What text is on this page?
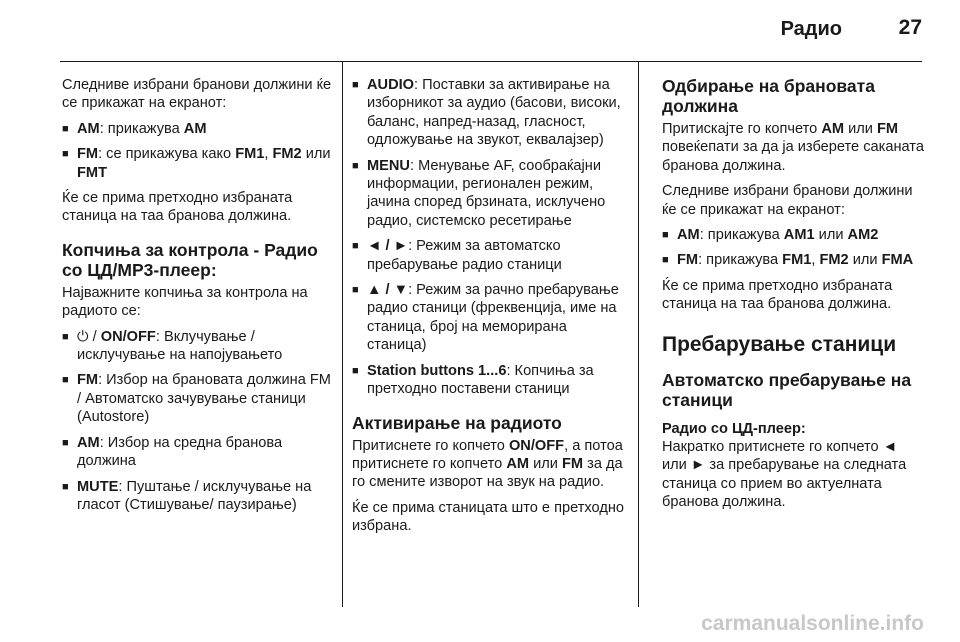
Радио	27

Следниве избрани бранови должини ќе се прикажат на екранот:

■ AM: прикажува AM
■ FM: се прикажува како FM1, FM2 или FMT

Ќе се прима претходно избраната станица на таа бранова должина.

Копчиња за контрола - Радио со ЦД/MP3-плеер:

Најважните копчиња за контрола на радиото се:

■ ⏻ / ON/OFF: Вклучување / исклучување на напојувањето
■ FM: Избор на брановата должина FM / Автоматско зачувување станици (Autostore)
■ AM: Избор на средна бранова должина
■ MUTE: Пуштање / исклучување на гласот (Стишување/ паузирање)
■ AUDIO: Поставки за активирање на изборникот за аудио (басови, високи, баланс, напред-назад, гласност, одложување на звукот, еквалајзер)
■ MENU: Менување AF, сообраќајни информации, регионален режим, јачина според брзината, исклучено радио, системско ресетирање
■ ◄ / ►: Режим за автоматско пребарување радио станици
■ ▲ / ▼: Режим за рачно пребарување радио станици (фреквенција, име на станица, број на меморирана станица)
■ Station buttons 1...6: Копчиња за претходно поставени станици
Активирање на радиото

Притиснете го копчето ON/OFF, а потоа притиснете го копчето AM или FM за да го смените изворот на звук на радио.

Ќе се прима станицата што е претходно избрана.

Одбирање на брановата должина

Притискајте го копчето AM или FM повеќепати за да ја изберете саканата бранова должина.

Следниве избрани бранови должини ќе се прикажат на екранот:

■ AM: прикажува AM1 или AM2
■ FM: прикажува FM1, FM2 или FMA

Ќе се прима претходно избраната станица на таа бранова должина.

Пребарување станици
Автоматско пребарување на станици
Радио со ЦД-плеер:

Накратко притиснете го копчето ◄ или ► за пребарување на следната станица со прием во актуелната бранова должина.

carmanualsonline.info
